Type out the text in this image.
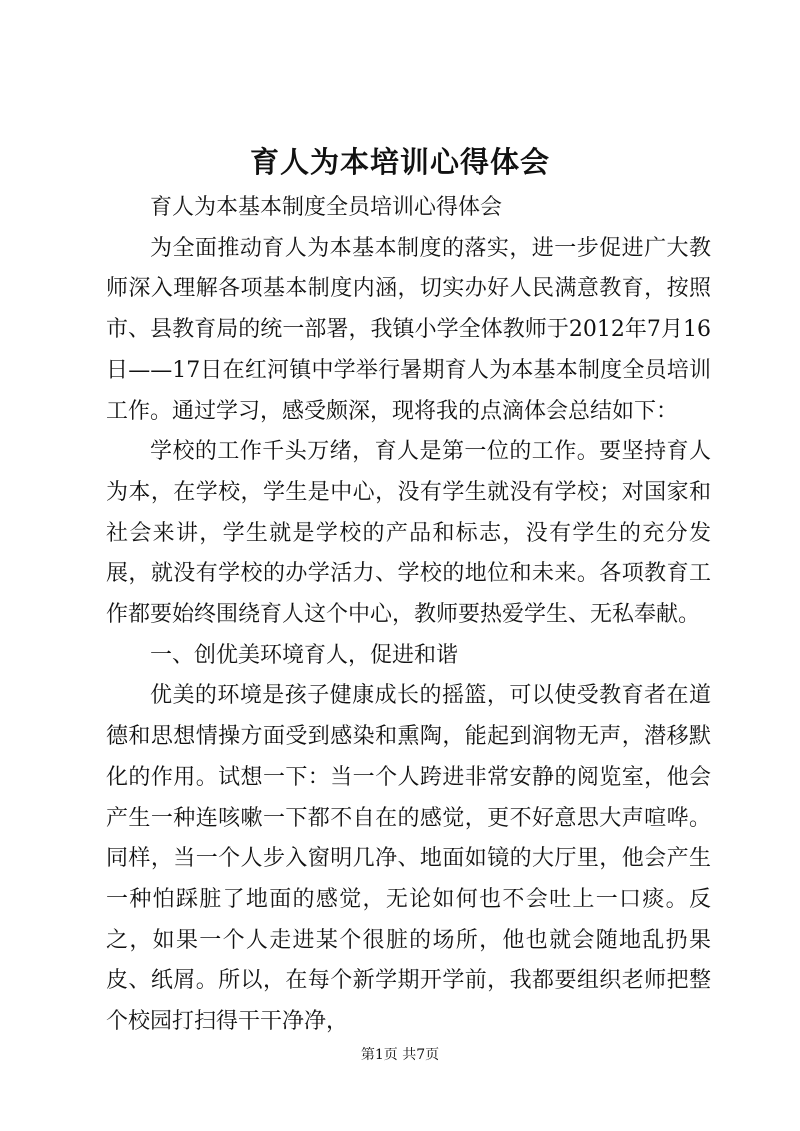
育人为本培训心得体会

育人为本基本制度全员培训心得体会

为全面推动育人为本基本制度的落实，进一步促进广大教师深入理解各项基本制度内涵，切实办好人民满意教育，按照市、县教育局的统一部署，我镇小学全体教师于2012年7月16日——17日在红河镇中学举行暑期育人为本基本制度全员培训工作。通过学习，感受颇深，现将我的点滴体会总结如下：

学校的工作千头万绪，育人是第一位的工作。要坚持育人为本，在学校，学生是中心，没有学生就没有学校；对国家和社会来讲，学生就是学校的产品和标志，没有学生的充分发展，就没有学校的办学活力、学校的地位和未来。各项教育工作都要始终围绕育人这个中心，教师要热爱学生、无私奉献。

一、创优美环境育人，促进和谐

优美的环境是孩子健康成长的摇篮，可以使受教育者在道德和思想情操方面受到感染和熏陶，能起到润物无声，潜移默化的作用。试想一下：当一个人跨进非常安静的阅览室，他会产生一种连咳嗽一下都不自在的感觉，更不好意思大声喧哗。同样，当一个人步入窗明几净、地面如镜的大厅里，他会产生一种怕踩脏了地面的感觉，无论如何也不会吐上一口痰。反之，如果一个人走进某个很脏的场所，他也就会随地乱扔果皮、纸屑。所以，在每个新学期开学前，我都要组织老师把整个校园打扫得干干净净，

第1页 共7页
